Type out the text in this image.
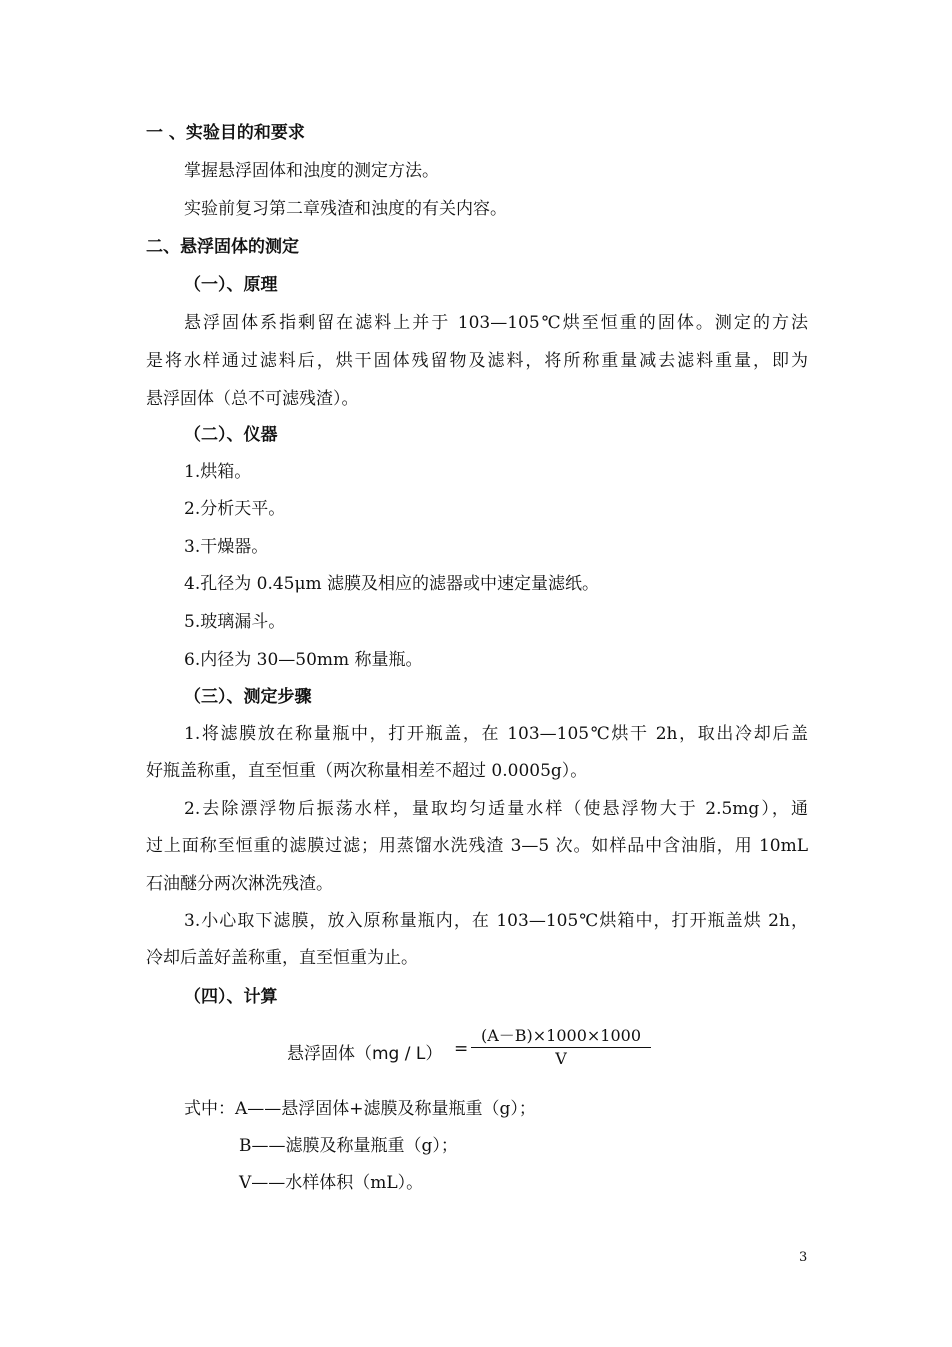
一 、实验目的和要求
掌握悬浮固体和浊度的测定方法。
实验前复习第二章残渣和浊度的有关内容。
二、悬浮固体的测定
（一）、原理
悬浮固体系指剩留在滤料上并于 103—105℃烘至恒重的固体。测定的方法
是将水样通过滤料后，烘干固体残留物及滤料，将所称重量减去滤料重量，即为
悬浮固体（总不可滤残渣）。
（二）、仪器
1.烘箱。
2.分析天平。
3.干燥器。
4.孔径为 0.45μm 滤膜及相应的滤器或中速定量滤纸。
5.玻璃漏斗。
6.内径为 30—50mm 称量瓶。
（三）、测定步骤
1.将滤膜放在称量瓶中，打开瓶盖，在 103—105℃烘干 2h，取出冷却后盖
好瓶盖称重，直至恒重（两次称量相差不超过 0.0005g）。
2.去除漂浮物后振荡水样，量取均匀适量水样（使悬浮物大于 2.5mg），通
过上面称至恒重的滤膜过滤；用蒸馏水洗残渣 3—5 次。如样品中含油脂，用 10mL
石油醚分两次淋洗残渣。
3.小心取下滤膜，放入原称量瓶内，在 103—105℃烘箱中，打开瓶盖烘 2h，
冷却后盖好盖称重，直至恒重为止。
（四）、计算
悬浮固体（mg / L） =
(A－B)×1000×1000
V
式中：A——悬浮固体+滤膜及称量瓶重（g）；
B——滤膜及称量瓶重（g）；
V——水样体积（mL）。
3
